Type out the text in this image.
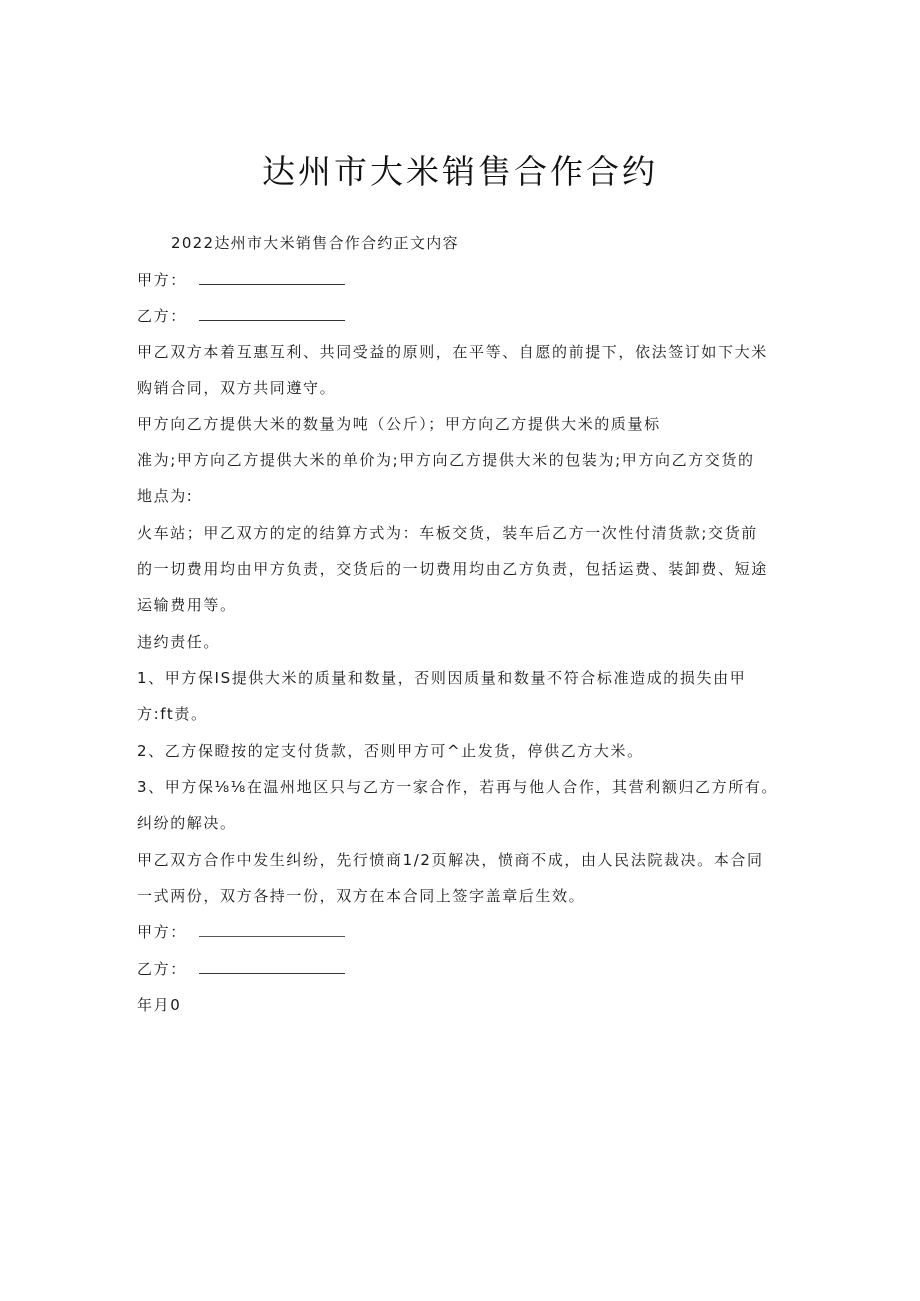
达州市大米销售合作合约
2022达州市大米销售合作合约正文内容
甲方：
乙方：
甲乙双方本着互惠互利、共同受益的原则，在平等、自愿的前提下，依法签订如下大米
购销合同，双方共同遵守。
甲方向乙方提供大米的数量为吨（公斤）；甲方向乙方提供大米的质量标
准为;甲方向乙方提供大米的单价为;甲方向乙方提供大米的包装为;甲方向乙方交货的
地点为:
火车站；甲乙双方的定的结算方式为：车板交货，装车后乙方一次性付清货款;交货前
的一切费用均由甲方负责，交货后的一切费用均由乙方负责，包括运费、装卸费、短途
运输费用等。
违约责任。
1、甲方保IS提供大米的质量和数量，否则因质量和数量不符合标准造成的损失由甲
方:ft责。
2、乙方保瞪按的定支付货款，否则甲方可^止发货，停供乙方大米。
3、甲方保⅛⅛在温州地区只与乙方一家合作，若再与他人合作，其营利额归乙方所有。
纠纷的解决。
甲乙双方合作中发生纠纷，先行愤商1/2页解决，愤商不成，由人民法院裁决。本合同
一式两份，双方各持一份，双方在本合同上签字盖章后生效。
甲方：
乙方：
年月0
